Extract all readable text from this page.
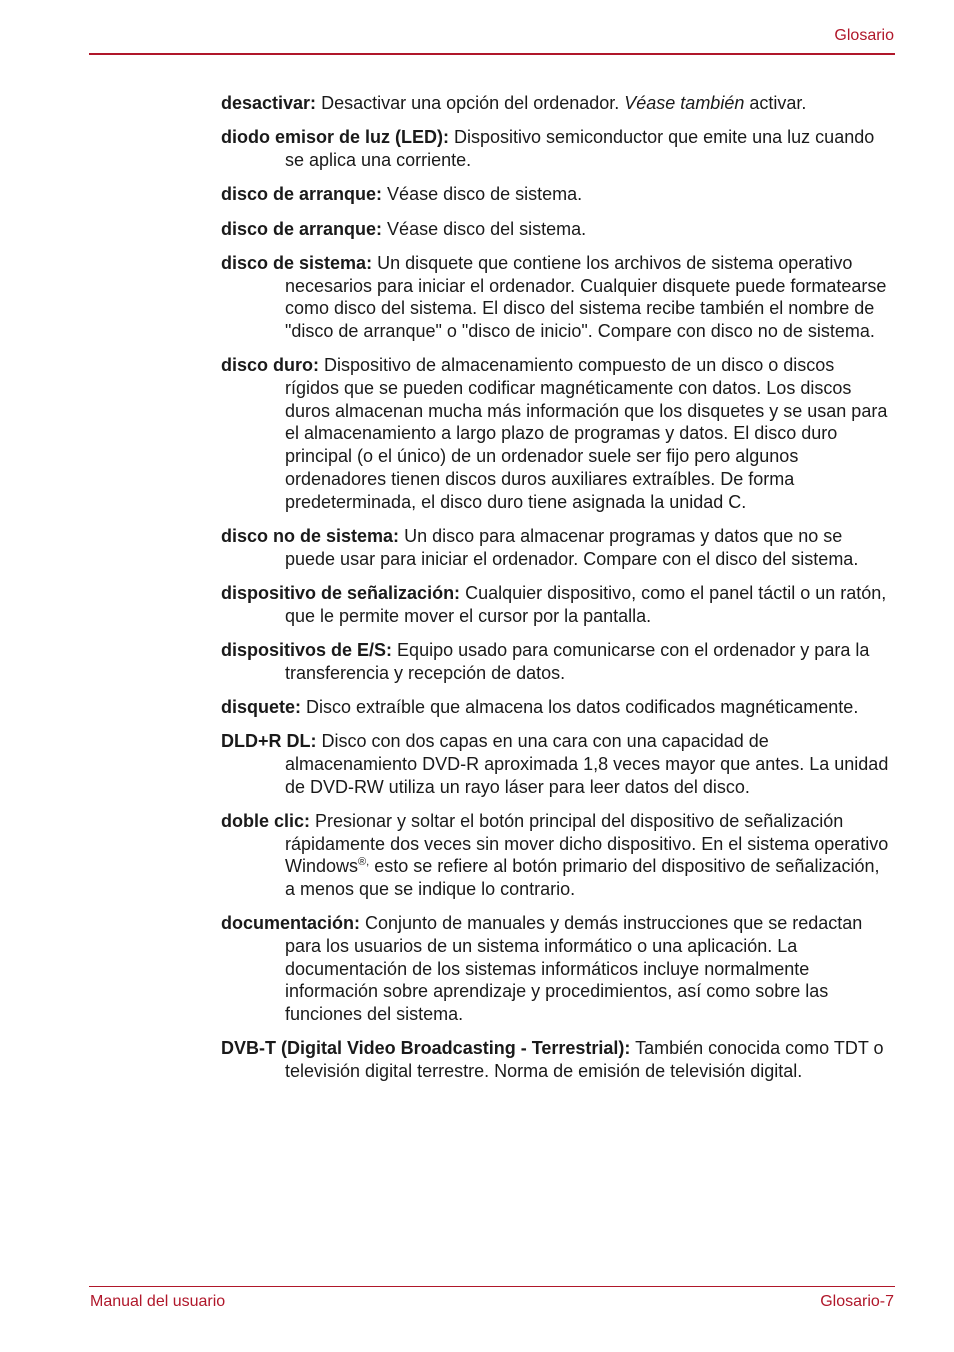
Glosario

desactivar: Desactivar una opción del ordenador. Véase también activar.

diodo emisor de luz (LED): Dispositivo semiconductor que emite una luz cuando se aplica una corriente.

disco de arranque: Véase disco de sistema.

disco de arranque: Véase disco del sistema.

disco de sistema: Un disquete que contiene los archivos de sistema operativo necesarios para iniciar el ordenador. Cualquier disquete puede formatearse como disco del sistema. El disco del sistema recibe también el nombre de "disco de arranque" o "disco de inicio". Compare con disco no de sistema.

disco duro: Dispositivo de almacenamiento compuesto de un disco o discos rígidos que se pueden codificar magnéticamente con datos. Los discos duros almacenan mucha más información que los disquetes y se usan para el almacenamiento a largo plazo de programas y datos. El disco duro principal (o el único) de un ordenador suele ser fijo pero algunos ordenadores tienen discos duros auxiliares extraíbles. De forma predeterminada, el disco duro tiene asignada la unidad C.

disco no de sistema: Un disco para almacenar programas y datos que no se puede usar para iniciar el ordenador. Compare con el disco del sistema.

dispositivo de señalización: Cualquier dispositivo, como el panel táctil o un ratón, que le permite mover el cursor por la pantalla.

dispositivos de E/S: Equipo usado para comunicarse con el ordenador y para la transferencia y recepción de datos.

disquete: Disco extraíble que almacena los datos codificados magnéticamente.

DLD+R DL: Disco con dos capas en una cara con una capacidad de almacenamiento DVD-R aproximada 1,8 veces mayor que antes. La unidad de DVD-RW utiliza un rayo láser para leer datos del disco.

doble clic: Presionar y soltar el botón principal del dispositivo de señalización rápidamente dos veces sin mover dicho dispositivo. En el sistema operativo Windows®, esto se refiere al botón primario del dispositivo de señalización, a menos que se indique lo contrario.

documentación: Conjunto de manuales y demás instrucciones que se redactan para los usuarios de un sistema informático o una aplicación. La documentación de los sistemas informáticos incluye normalmente información sobre aprendizaje y procedimientos, así como sobre las funciones del sistema.

DVB-T (Digital Video Broadcasting - Terrestrial): También conocida como TDT o televisión digital terrestre. Norma de emisión de televisión digital.

Manual del usuario	Glosario-7
